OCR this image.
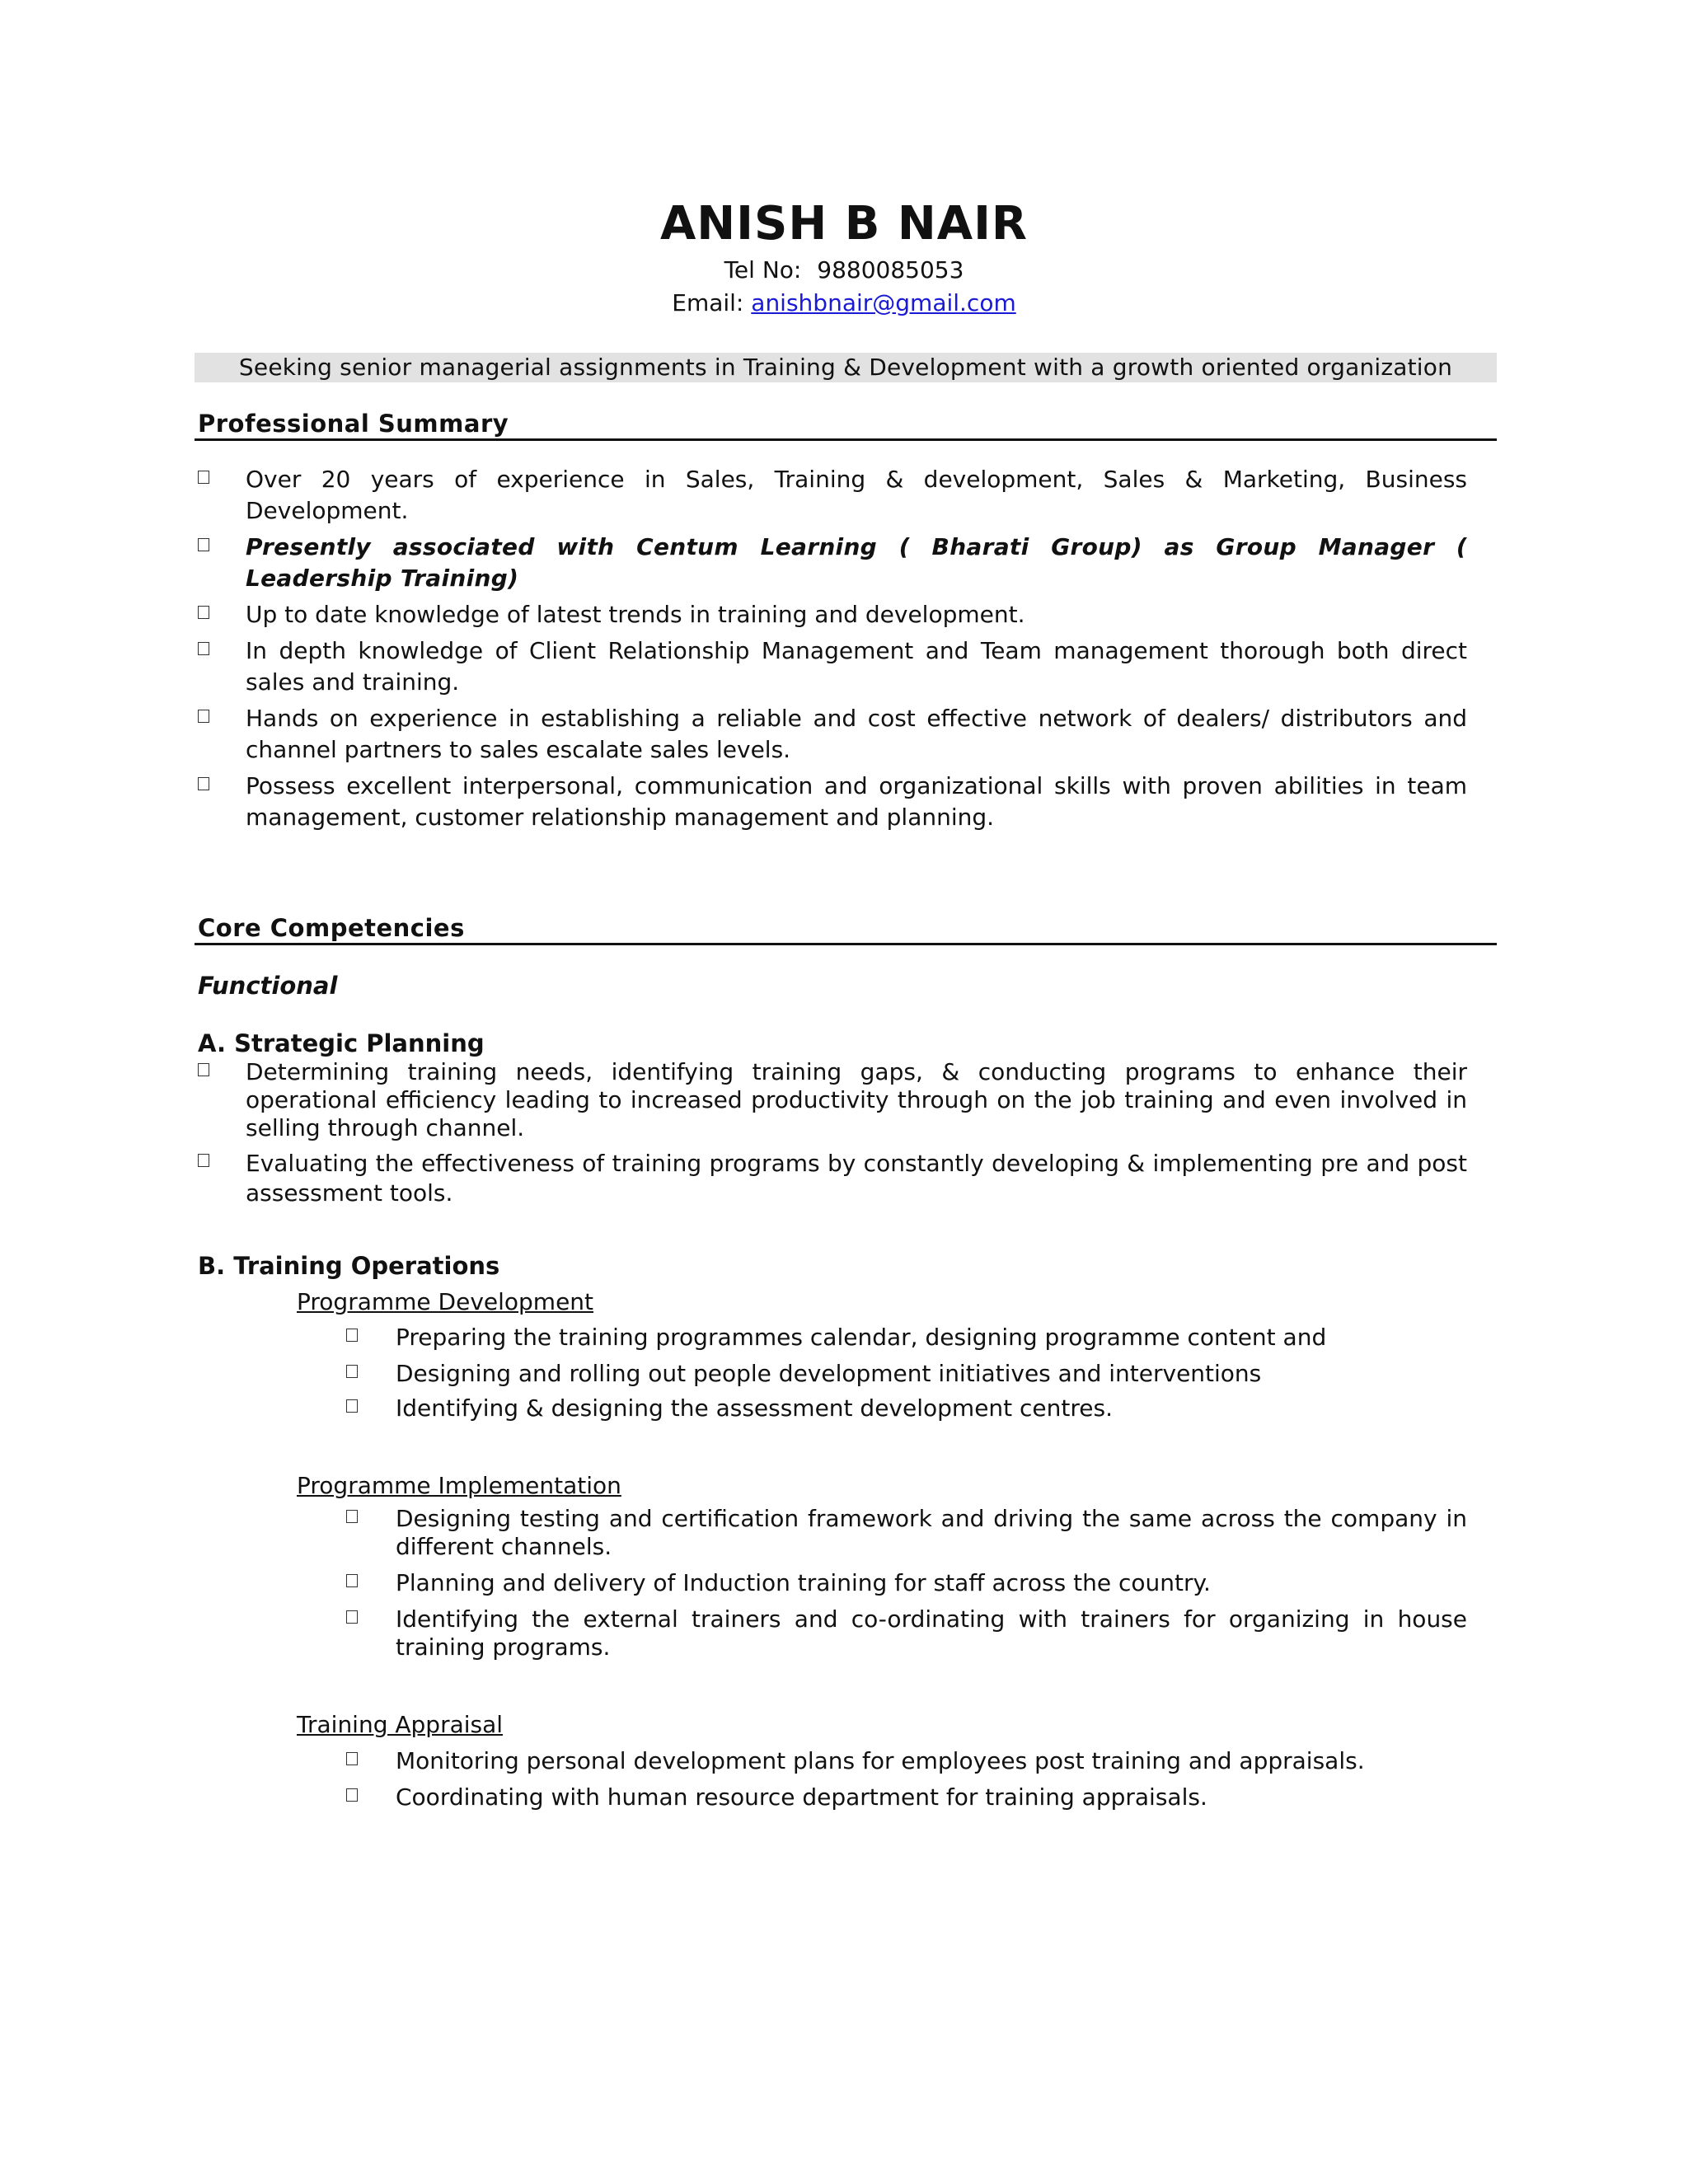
ANISH B NAIR
Tel No: 9880085053
Email: anishbnair@gmail.com
Seeking senior managerial assignments in Training & Development with a growth oriented organization
Professional Summary
Over 20 years of experience in Sales, Training & development, Sales & Marketing, Business Development.
Presently associated with Centum Learning ( Bharati Group) as Group Manager ( Leadership Training)
Up to date knowledge of latest trends in training and development.
In depth knowledge of Client Relationship Management and Team management thorough both direct sales and training.
Hands on experience in establishing a reliable and cost effective network of dealers/ distributors and channel partners to sales escalate sales levels.
Possess excellent interpersonal, communication and organizational skills with proven abilities in team management, customer relationship management and planning.
Core Competencies
Functional
A. Strategic Planning
Determining training needs, identifying training gaps, & conducting programs to enhance their operational efficiency leading to increased productivity through on the job training and even involved in selling through channel.
Evaluating the effectiveness of training programs by constantly developing & implementing pre and post assessment tools.
B. Training Operations
Programme Development
Preparing the training programmes calendar, designing programme content and
Designing and rolling out people development initiatives and interventions
Identifying & designing the assessment development centres.
Programme Implementation
Designing testing and certification framework and driving the same across the company in different channels.
Planning and delivery of Induction training for staff across the country.
Identifying the external trainers and co-ordinating with trainers for organizing in house training programs.
Training Appraisal
Monitoring personal development plans for employees post training and appraisals.
Coordinating with human resource department for training appraisals.
